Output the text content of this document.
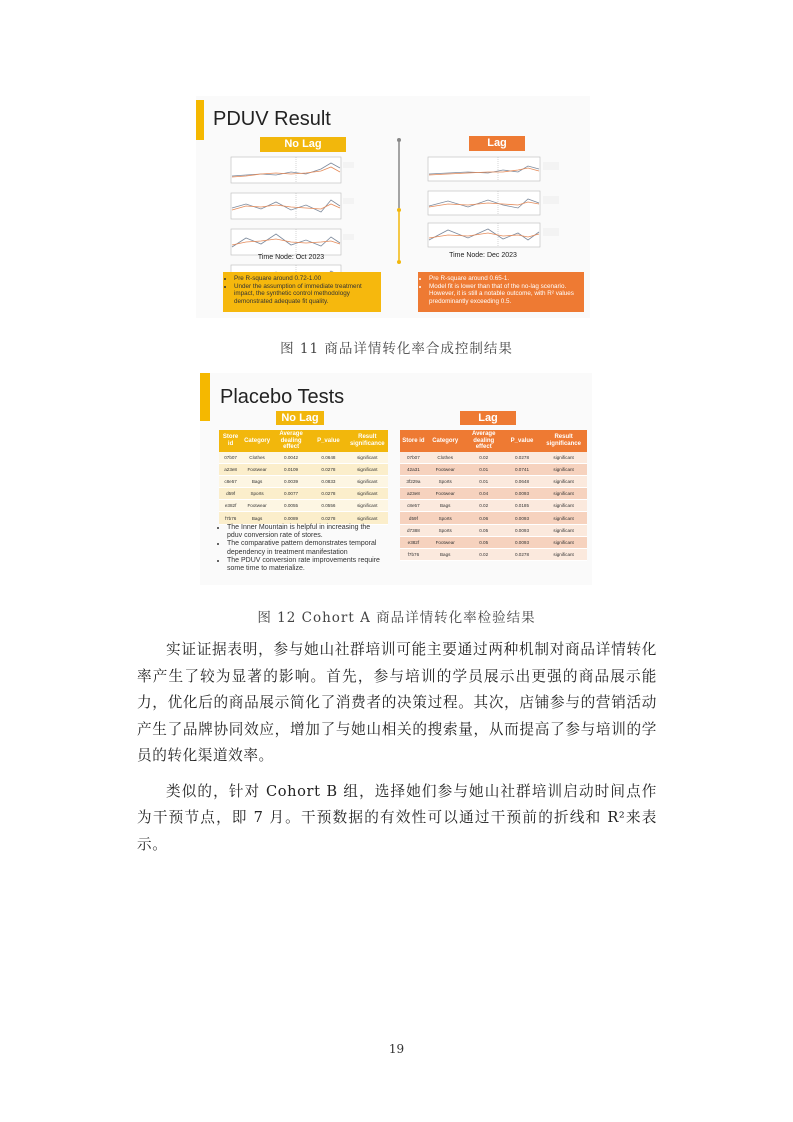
PDUV Result
No Lag	Lag
Time Node: Oct 2023	Time Node: Dec 2023
• Pre R-square around 0.72-1.00
• Under the assumption of immediate treatment impact, the synthetic control methodology demonstrated adequate fit quality.
• Pre R-square around 0.65-1.
• Model fit is lower than that of the no-lag scenario. However, it is still a notable outcome, with R² values predominantly exceeding 0.5.
图 11 商品详情转化率合成控制结果
Placebo Tests
No Lag	Lag
Store id	Category	Average dealing effect	P_value	Result significance
07b07	Clothes	0.0042	0.0648	significant
a23e8	Footwear	0.0109	0.0278	significant
c8e57	Bags	0.0039	0.0833	significant
d59f	Sports	0.0077	0.0278	significant
e382f	Footwear	0.0055	0.0556	significant
f7b76	Bags	0.0089	0.0278	significant
Store id	Category	Average dealing effect	P_value	Result significance
07b07	Clothes	0.02	0.0278	significant
42a31	Footwear	0.01	0.0741	significant
3f229a	Sports	0.01	0.0648	significant
a23e8	Footwear	0.04	0.0093	significant
c8e57	Bags	0.02	0.0185	significant
d59f	Sports	0.06	0.0093	significant
d7388	Sports	0.05	0.0093	significant
e382f	Footwear	0.05	0.0093	significant
f7b76	Bags	0.02	0.0278	significant
• The Inner Mountain is helpful in increasing the pduv conversion rate of stores.
• The comparative pattern demonstrates temporal dependency in treatment manifestation
• The PDUV conversion rate improvements require some time to materialize.
图 12 Cohort A 商品详情转化率检验结果

实证证据表明，参与她山社群培训可能主要通过两种机制对商品详情转化率产生了较为显著的影响。首先，参与培训的学员展示出更强的商品展示能力，优化后的商品展示简化了消费者的决策过程。其次，店铺参与的营销活动产生了品牌协同效应，增加了与她山相关的搜索量，从而提高了参与培训的学员的转化渠道效率。

类似的，针对 Cohort B 组，选择她们参与她山社群培训启动时间点作为干预节点，即 7 月。干预数据的有效性可以通过干预前的折线和 R²来表示。

19
